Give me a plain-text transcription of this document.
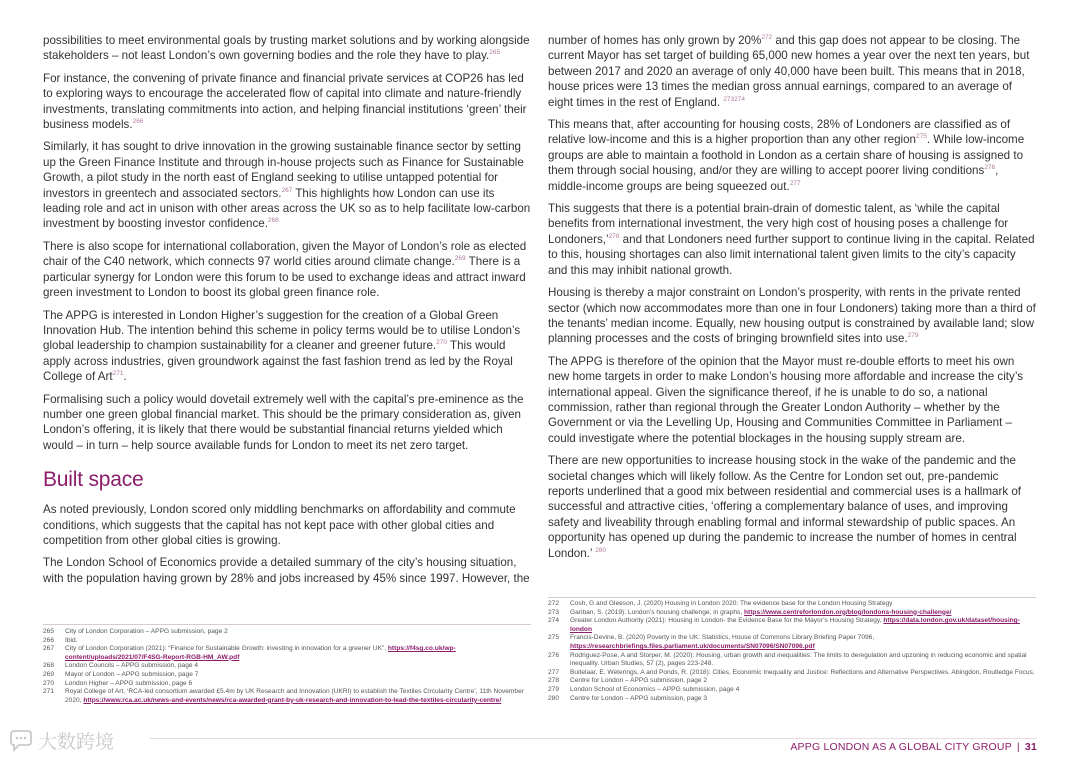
possibilities to meet environmental goals by trusting market solutions and by working alongside stakeholders – not least London’s own governing bodies and the role they have to play.$^{265}$

For instance, the convening of private finance and financial private services at COP26 has led to exploring ways to encourage the accelerated flow of capital into climate and nature-friendly investments, translating commitments into action, and helping financial institutions ‘green’ their business models.$^{266}$

Similarly, it has sought to drive innovation in the growing sustainable finance sector by setting up the Green Finance Institute and through in-house projects such as Finance for Sustainable Growth, a pilot study in the north east of England seeking to utilise untapped potential for investors in greentech and associated sectors.$^{267}$ This highlights how London can use its leading role and act in unison with other areas across the UK so as to help facilitate low-carbon investment by boosting investor confidence.$^{268}$

There is also scope for international collaboration, given the Mayor of London’s role as elected chair of the C40 network, which connects 97 world cities around climate change.$^{269}$ There is a particular synergy for London were this forum to be used to exchange ideas and attract inward green investment to London to boost its global green finance role.

The APPG is interested in London Higher’s suggestion for the creation of a Global Green Innovation Hub. The intention behind this scheme in policy terms would be to utilise London’s global leadership to champion sustainability for a cleaner and greener future.$^{270}$ This would apply across industries, given groundwork against the fast fashion trend as led by the Royal College of Art$^{271}$.

Formalising such a policy would dovetail extremely well with the capital’s pre-eminence as the number one green global financial market. This should be the primary consideration as, given London’s offering, it is likely that there would be substantial financial returns yielded which would – in turn – help source available funds for London to meet its net zero target.

Built space

As noted previously, London scored only middling benchmarks on affordability and commute conditions, which suggests that the capital has not kept pace with other global cities and competition from other global cities is growing.

The London School of Economics provide a detailed summary of the city’s housing situation, with the population having grown by 28% and jobs increased by 45% since 1997. However, the

number of homes has only grown by 20%$^{272}$ and this gap does not appear to be closing. The current Mayor has set target of building 65,000 new homes a year over the next ten years, but between 2017 and 2020 an average of only 40,000 have been built. This means that in 2018, house prices were 13 times the median gross annual earnings, compared to an average of eight times in the rest of England. $^{273274}$

This means that, after accounting for housing costs, 28% of Londoners are classified as of relative low-income and this is a higher proportion than any other region$^{275}$. While low-income groups are able to maintain a foothold in London as a certain share of housing is assigned to them through social housing, and/or they are willing to accept poorer living conditions$^{276}$, middle-income groups are being squeezed out.$^{277}$

This suggests that there is a potential brain-drain of domestic talent, as ‘while the capital benefits from international investment, the very high cost of housing poses a challenge for Londoners,’$^{278}$ and that Londoners need further support to continue living in the capital. Related to this, housing shortages can also limit international talent given limits to the city’s capacity and this may inhibit national growth.

Housing is thereby a major constraint on London’s prosperity, with rents in the private rented sector (which now accommodates more than one in four Londoners) taking more than a third of the tenants’ median income. Equally, new housing output is constrained by available land; slow planning processes and the costs of bringing brownfield sites into use.$^{279}$

The APPG is therefore of the opinion that the Mayor must re-double efforts to meet his own new home targets in order to make London’s housing more affordable and increase the city’s international appeal. Given the significance thereof, if he is unable to do so, a national commission, rather than regional through the Greater London Authority – whether by the Government or via the Levelling Up, Housing and Communities Committee in Parliament – could investigate where the potential blockages in the housing supply stream are.

There are new opportunities to increase housing stock in the wake of the pandemic and the societal changes which will likely follow. As the Centre for London set out, pre-pandemic reports underlined that a good mix between residential and commercial uses is a hallmark of successful and attractive cities, ‘offering a complementary balance of uses, and improving safety and liveability through enabling formal and informal stewardship of public spaces. An opportunity has opened up during the pandemic to increase the number of homes in central London.’ $^{280}$

265	City of London Corporation – APPG submission, page 2
266	Ibid.
267	City of London Corporation (2021): “Finance for Sustainable Growth: investing in innovation for a greener UK”, https://f4sg.co.uk/wp-content/uploads/2021/07/F4SG-Report-RGB-HM_AW.pdf
268	London Councils – APPG submission, page 4
269	Mayor of London – APPG submission, page 7
270	London Higher – APPG submission, page 6
271	Royal College of Art, ‘RCA-led consortium awarded £5.4m by UK Research and Innovation (UKRI) to establish the Textiles Circularity Centre’, 11th November 2020, https://www.rca.ac.uk/news-and-events/news/rca-awarded-grant-by-uk-research-and-innovation-to-lead-the-textiles-circularity-centre/
272	Cosh, G and Gleeson, J. (2020) Housing in London 2020: The evidence base for the London Housing Strategy
273	Gariban, S. (2019): London’s housing challenge, in graphs, https://www.centreforlondon.org/blog/londons-housing-challenge/
274	Greater London Authority (2021): Housing in London- the Evidence Base for the Mayor’s Housing Strategy, https://data.london.gov.uk/dataset/housing-london
275	Francis-Devine, B. (2020) Poverty in the UK: Statistics, House of Commons Library Briefing Paper 7096, https://researchbriefings.files.parliament.uk/documents/SN07096/SN07096.pdf
276	Rodriguez-Pose, A and Storper, M. (2020): Housing, urban growth and inequalities: The limits to deregulation and upzoning in reducing economic and spatial inequality. Urban Studies, 57 (2), pages 223-248.
277	Buitelaar, E. Weterings, A and Ponds, R. (2018): Cities, Economic Inequality and Justice: Reflections and Alternative Perspectives. Abingdon, Routledge Focus.
278	Centre for London – APPG submission, page 2
279	London School of Economics – APPG submission, page 4
280	Centre for London – APPG submission, page 3
大数跨境	APPG LONDON AS A GLOBAL CITY GROUP | 31
